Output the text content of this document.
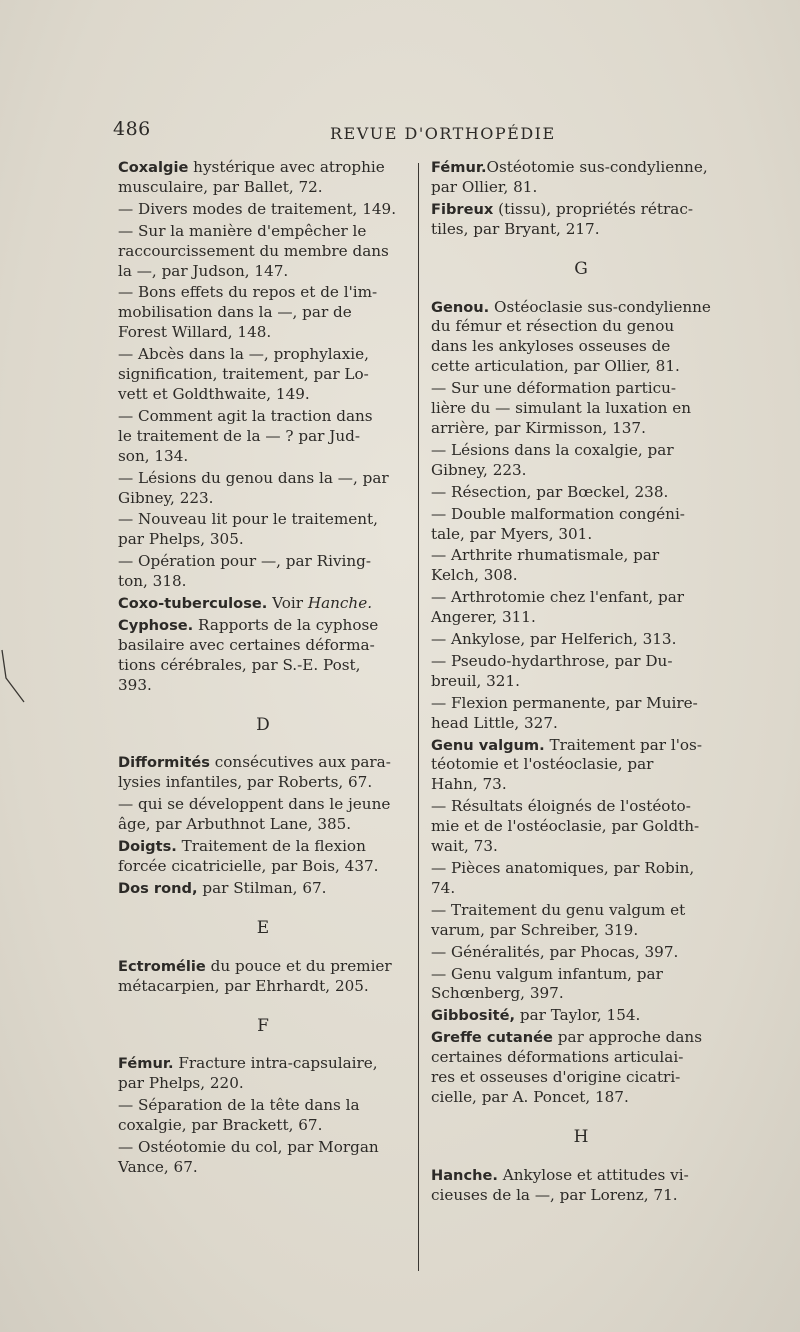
486	REVUE D'ORTHOPÉDIE
Coxalgie hystérique avec atrophie
musculaire, par Ballet, 72.
— Divers modes de traitement, 149.
— Sur la manière d'empêcher le
raccourcissement du membre dans
la —, par Judson, 147.
— Bons effets du repos et de l'im-
mobilisation dans la —, par de
Forest Willard, 148.
— Abcès dans la —, prophylaxie,
signification, traitement, par Lo-
vett et Goldthwaite, 149.
— Comment agit la traction dans
le traitement de la — ? par Jud-
son, 134.
— Lésions du genou dans la —, par
Gibney, 223.
— Nouveau lit pour le traitement,
par Phelps, 305.
— Opération pour —, par Riving-
ton, 318.
Coxo-tuberculose. Voir Hanche.
Cyphose. Rapports de la cyphose
basilaire avec certaines déforma-
tions cérébrales, par S.-E. Post,
393.
D
Difformités consécutives aux para-
lysies infantiles, par Roberts, 67.
— qui se développent dans le jeune
âge, par Arbuthnot Lane, 385.
Doigts. Traitement de la flexion
forcée cicatricielle, par Bois, 437.
Dos rond, par Stilman, 67.
E
Ectromélie du pouce et du premier
métacarpien, par Ehrhardt, 205.
F
Fémur. Fracture intra-capsulaire,
par Phelps, 220.
— Séparation de la tête dans la
coxalgie, par Brackett, 67.
— Ostéotomie du col, par Morgan
Vance, 67.
Fémur.Ostéotomie sus-condylienne,
par Ollier, 81.
Fibreux (tissu), propriétés rétrac-
tiles, par Bryant, 217.
G
Genou. Ostéoclasie sus-condylienne
du fémur et résection du genou
dans les ankyloses osseuses de
cette articulation, par Ollier, 81.
— Sur une déformation particu-
lière du — simulant la luxation en
arrière, par Kirmisson, 137.
— Lésions dans la coxalgie, par
Gibney, 223.
— Résection, par Bœckel, 238.
— Double malformation congéni-
tale, par Myers, 301.
— Arthrite rhumatismale, par
Kelch, 308.
— Arthrotomie chez l'enfant, par
Angerer, 311.
— Ankylose, par Helferich, 313.
— Pseudo-hydarthrose, par Du-
breuil, 321.
— Flexion permanente, par Muire-
head Little, 327.
Genu valgum. Traitement par l'os-
téotomie et l'ostéoclasie, par
Hahn, 73.
— Résultats éloignés de l'ostéoto-
mie et de l'ostéoclasie, par Goldth-
wait, 73.
— Pièces anatomiques, par Robin,
74.
— Traitement du genu valgum et
varum, par Schreiber, 319.
— Généralités, par Phocas, 397.
— Genu valgum infantum, par
Schœnberg, 397.
Gibbosité, par Taylor, 154.
Greffe cutanée par approche dans
certaines déformations articulai-
res et osseuses d'origine cicatri-
cielle, par A. Poncet, 187.
H
Hanche. Ankylose et attitudes vi-
cieuses de la —, par Lorenz, 71.
